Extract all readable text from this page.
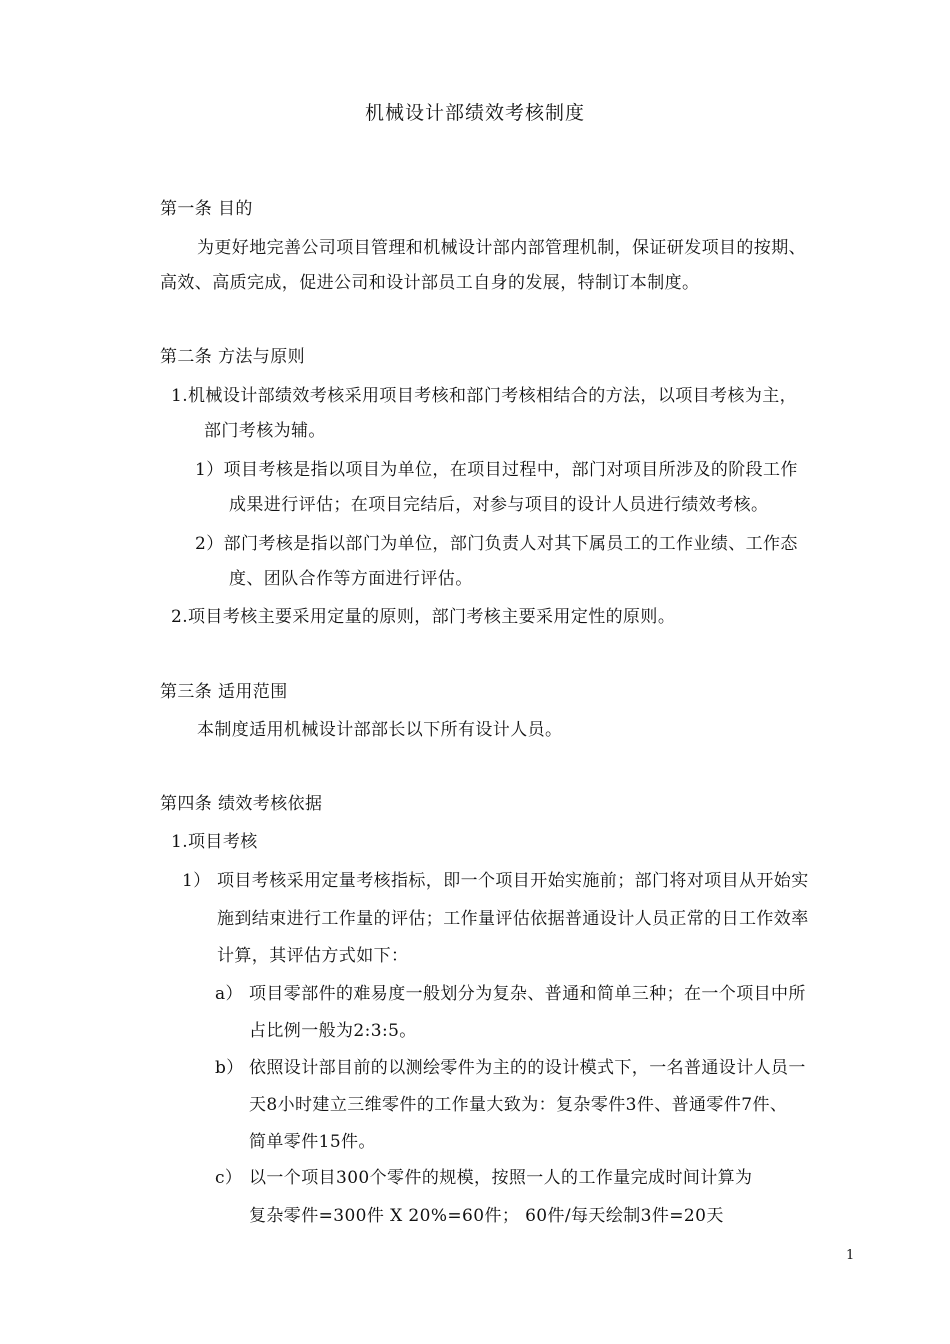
机械设计部绩效考核制度
第一条 目的
为更好地完善公司项目管理和机械设计部内部管理机制，保证研发项目的按期、
高效、高质完成，促进公司和设计部员工自身的发展，特制订本制度。
第二条 方法与原则
1.机械设计部绩效考核采用项目考核和部门考核相结合的方法，以项目考核为主，
部门考核为辅。
1）项目考核是指以项目为单位，在项目过程中，部门对项目所涉及的阶段工作
成果进行评估；在项目完结后，对参与项目的设计人员进行绩效考核。
2）部门考核是指以部门为单位，部门负责人对其下属员工的工作业绩、工作态
度、团队合作等方面进行评估。
2.项目考核主要采用定量的原则，部门考核主要采用定性的原则。
第三条 适用范围
本制度适用机械设计部部长以下所有设计人员。
第四条 绩效考核依据
1.项目考核
1） 项目考核采用定量考核指标，即一个项目开始实施前；部门将对项目从开始实
施到结束进行工作量的评估；工作量评估依据普通设计人员正常的日工作效率
计算，其评估方式如下：
a） 项目零部件的难易度一般划分为复杂、普通和简单三种；在一个项目中所
占比例一般为2:3:5。
b） 依照设计部目前的以测绘零件为主的的设计模式下，一名普通设计人员一
天8小时建立三维零件的工作量大致为：复杂零件3件、普通零件7件、
简单零件15件。
c） 以一个项目300个零件的规模，按照一人的工作量完成时间计算为
复杂零件=300件 X 20%=60件； 60件/每天绘制3件=20天
1
